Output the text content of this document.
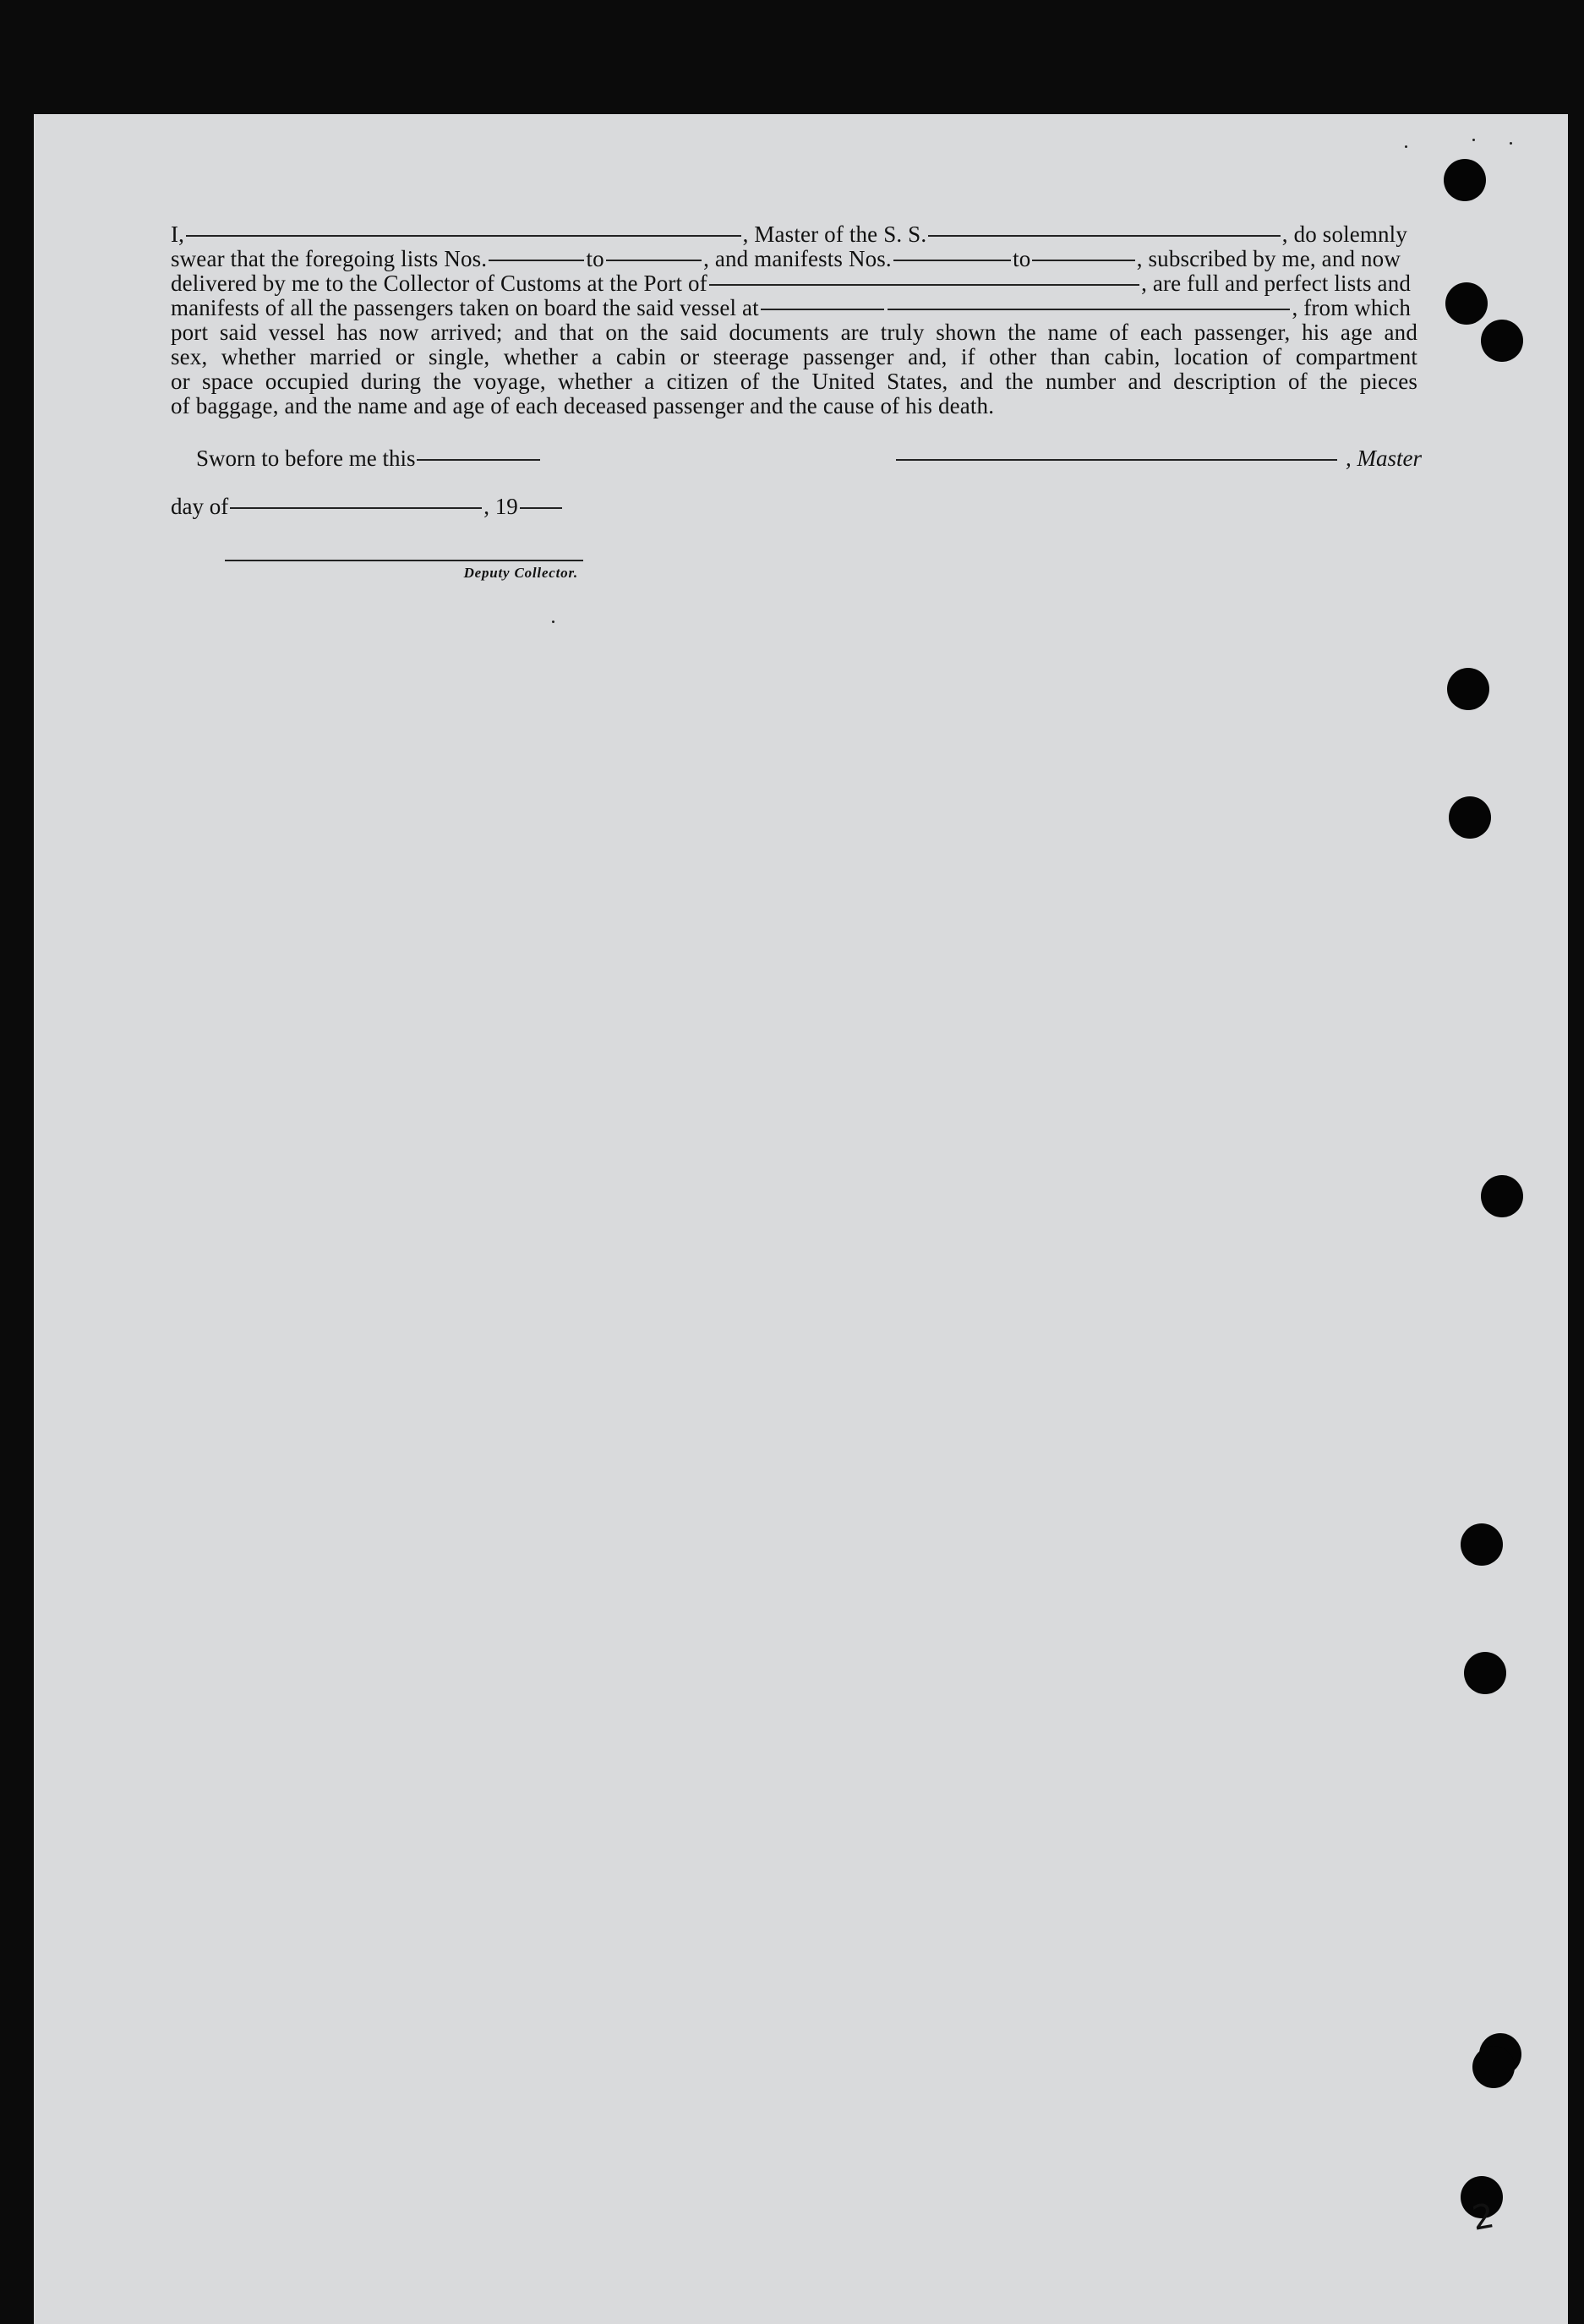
I,	, Master of the S. S.	, do solemnly
swear that the foregoing lists Nos.	to	, and manifests Nos.	to	, subscribed by me, and now
delivered by me to the Collector of Customs at the Port of	, are full and perfect lists and
manifests of all the passengers taken on board the said vessel at	, from which
port said vessel has now arrived; and that on the said documents are truly shown the name of each passenger, his age and
sex, whether married or single, whether a cabin or steerage passenger and, if other than cabin, location of compartment
or space occupied during the voyage, whether a citizen of the United States, and the number and description of the pieces
of baggage, and the name and age of each deceased passenger and the cause of his death.
Sworn to before me this	, Master
day of	, 19
Deputy Collector.
2
